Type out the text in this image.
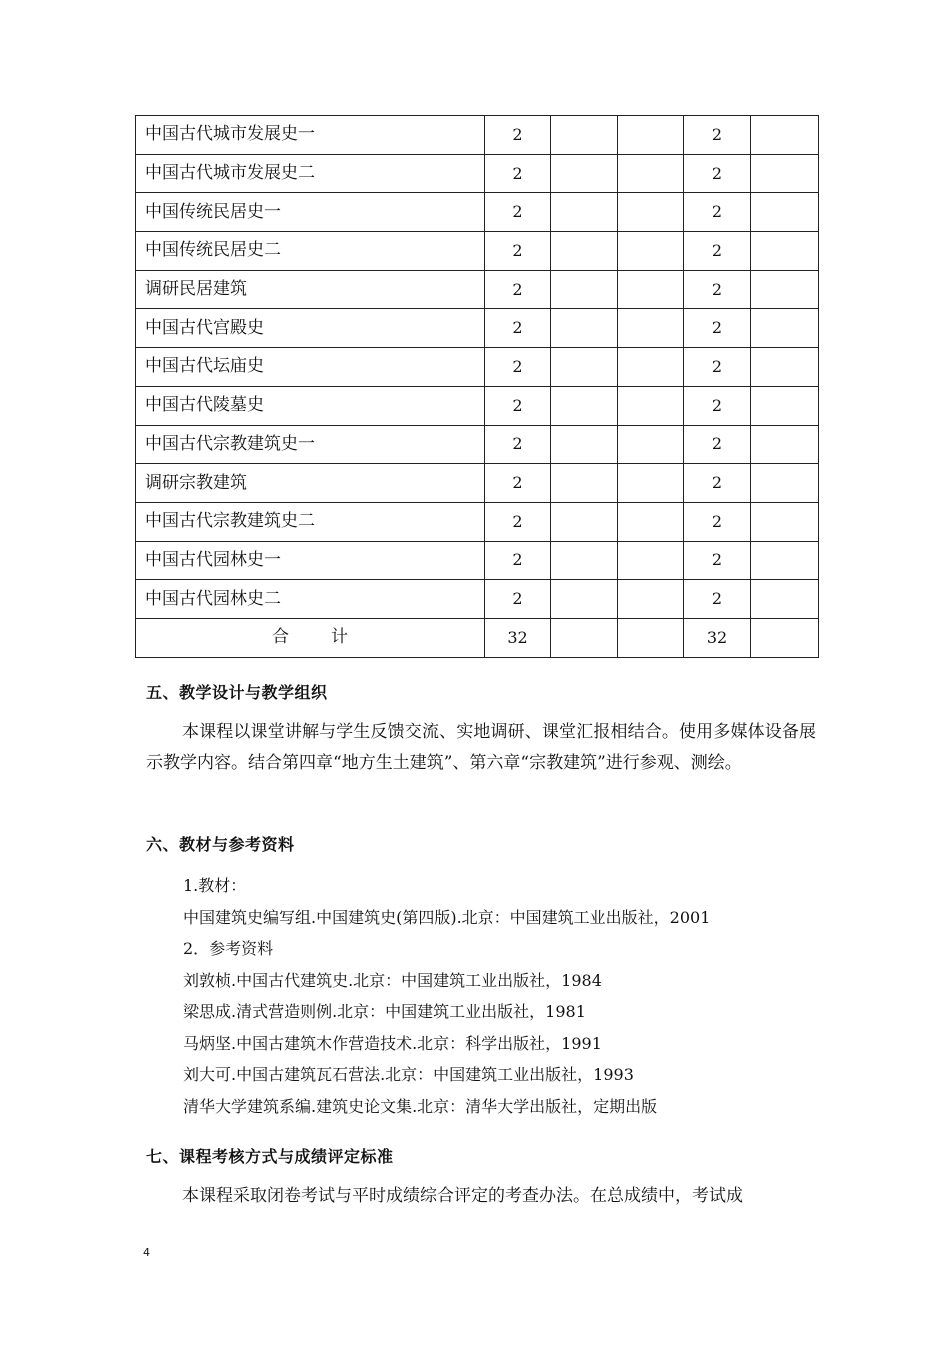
中国古代城市发展史一	2			2	
中国古代城市发展史二	2			2	
中国传统民居史一	2			2	
中国传统民居史二	2			2	
调研民居建筑	2			2	
中国古代宫殿史	2			2	
中国古代坛庙史	2			2	
中国古代陵墓史	2			2	
中国古代宗教建筑史一	2			2	
调研宗教建筑	2			2	
中国古代宗教建筑史二	2			2	
中国古代园林史一	2			2	
中国古代园林史二	2			2	
合 计	32			32	
五、教学设计与教学组织
本课程以课堂讲解与学生反馈交流、实地调研、课堂汇报相结合。使用多媒体设备展示教学内容。结合第四章“地方生土建筑”、第六章“宗教建筑”进行参观、测绘。
六、教材与参考资料
1.教材：
中国建筑史编写组.中国建筑史(第四版).北京：中国建筑工业出版社，2001
2．参考资料
刘敦桢.中国古代建筑史.北京：中国建筑工业出版社，1984
梁思成.清式营造则例.北京：中国建筑工业出版社，1981
马炳坚.中国古建筑木作营造技术.北京：科学出版社，1991
刘大可.中国古建筑瓦石营法.北京：中国建筑工业出版社，1993
清华大学建筑系编.建筑史论文集.北京：清华大学出版社，定期出版
七、课程考核方式与成绩评定标准
本课程采取闭卷考试与平时成绩综合评定的考查办法。在总成绩中，考试成
4
